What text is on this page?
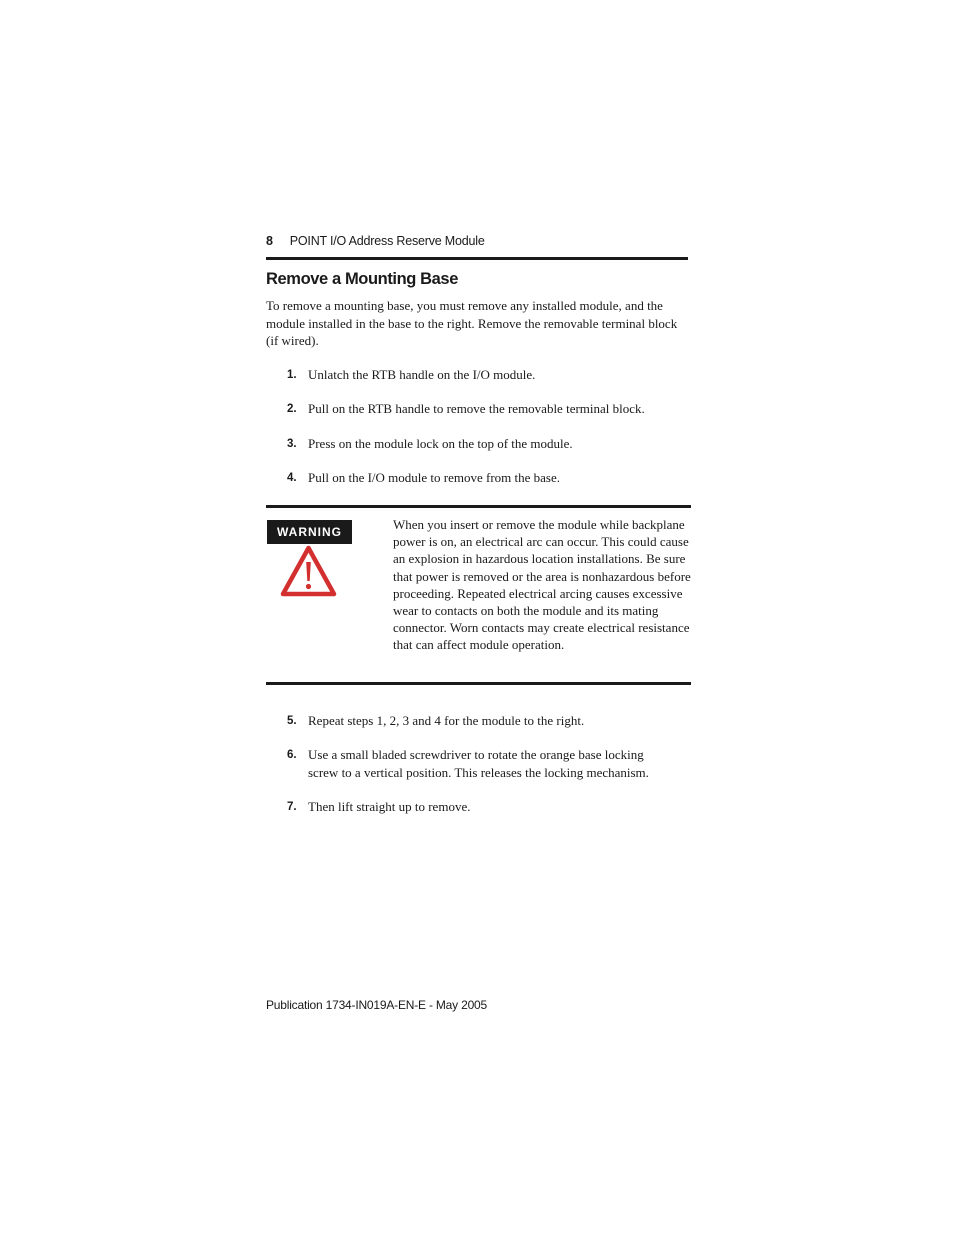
8 POINT I/O Address Reserve Module
Remove a Mounting Base

To remove a mounting base, you must remove any installed module, and the module installed in the base to the right. Remove the removable terminal block (if wired).

1. Unlatch the RTB handle on the I/O module.
2. Pull on the RTB handle to remove the removable terminal block.
3. Press on the module lock on the top of the module.
4. Pull on the I/O module to remove from the base.
WARNING	When you insert or remove the module while backplane power is on, an electrical arc can occur. This could cause an explosion in hazardous location installations. Be sure that power is removed or the area is nonhazardous before proceeding. Repeated electrical arcing causes excessive wear to contacts on both the module and its mating connector. Worn contacts may create electrical resistance that can affect module operation.

5. Repeat steps 1, 2, 3 and 4 for the module to the right.
6. Use a small bladed screwdriver to rotate the orange base locking screw to a vertical position. This releases the locking mechanism.
7. Then lift straight up to remove.
Publication 1734-IN019A-EN-E - May 2005
